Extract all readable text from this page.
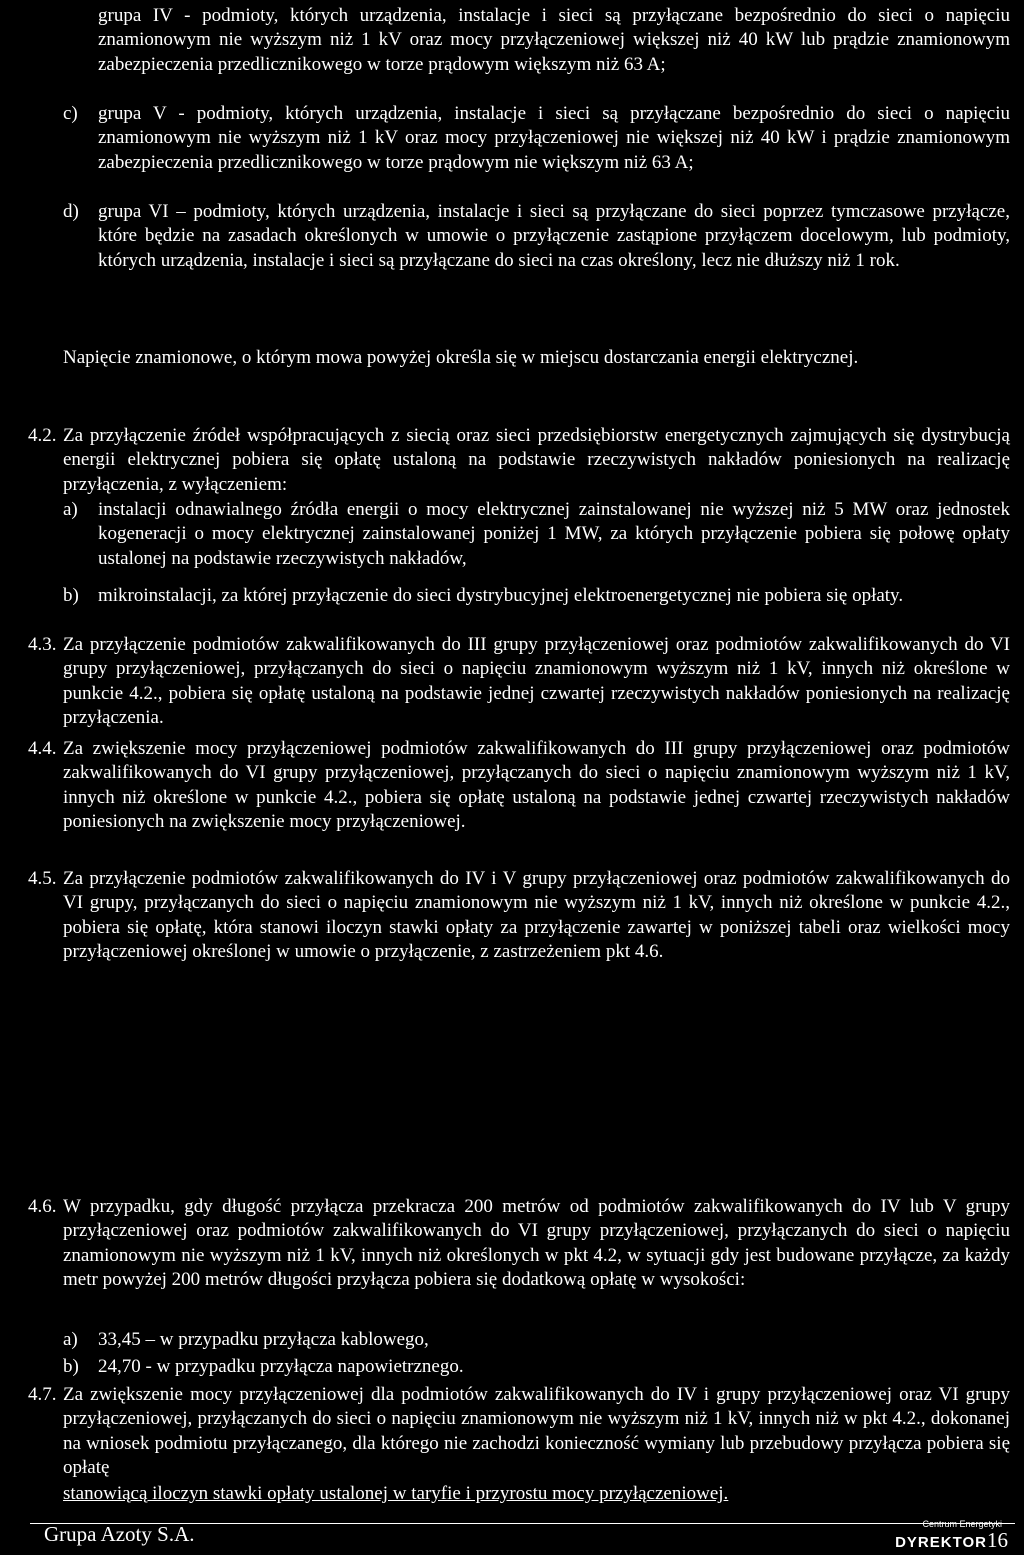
grupa IV - podmioty, których urządzenia, instalacje i sieci są przyłączane bezpośrednio do sieci o napięciu znamionowym nie wyższym niż 1 kV oraz mocy przyłączeniowej większej niż 40 kW lub prądzie znamionowym zabezpieczenia przedlicznikowego w torze prądowym większym niż 63 A;

c) grupa V - podmioty, których urządzenia, instalacje i sieci są przyłączane bezpośrednio do sieci o napięciu znamionowym nie wyższym niż 1 kV oraz mocy przyłączeniowej nie większej niż 40 kW i prądzie znamionowym zabezpieczenia przedlicznikowego w torze prądowym nie większym niż 63 A;

d) grupa VI – podmioty, których urządzenia, instalacje i sieci są przyłączane do sieci poprzez tymczasowe przyłącze, które będzie na zasadach określonych w umowie o przyłączenie zastąpione przyłączem docelowym, lub podmioty, których urządzenia, instalacje i sieci są przyłączane do sieci na czas określony, lecz nie dłuższy niż 1 rok.

Napięcie znamionowe, o którym mowa powyżej określa się w miejscu dostarczania energii elektrycznej.

4.2. Za przyłączenie źródeł współpracujących z siecią oraz sieci przedsiębiorstw energetycznych zajmujących się dystrybucją energii elektrycznej pobiera się opłatę ustaloną na podstawie rzeczywistych nakładów poniesionych na realizację przyłączenia, z wyłączeniem:

a) instalacji odnawialnego źródła energii o mocy elektrycznej zainstalowanej nie wyższej niż 5 MW oraz jednostek kogeneracji o mocy elektrycznej zainstalowanej poniżej 1 MW, za których przyłączenie pobiera się połowę opłaty ustalonej na podstawie rzeczywistych nakładów,

b) mikroinstalacji, za której przyłączenie do sieci dystrybucyjnej elektroenergetycznej nie pobiera się opłaty.

4.3. Za przyłączenie podmiotów zakwalifikowanych do III grupy przyłączeniowej oraz podmiotów zakwalifikowanych do VI grupy przyłączeniowej, przyłączanych do sieci o napięciu znamionowym wyższym niż 1 kV, innych niż określone w punkcie 4.2., pobiera się opłatę ustaloną na podstawie jednej czwartej rzeczywistych nakładów poniesionych na realizację przyłączenia.

4.4. Za zwiększenie mocy przyłączeniowej podmiotów zakwalifikowanych do III grupy przyłączeniowej oraz podmiotów zakwalifikowanych do VI grupy przyłączeniowej, przyłączanych do sieci o napięciu znamionowym wyższym niż 1 kV, innych niż określone w punkcie 4.2., pobiera się opłatę ustaloną na podstawie jednej czwartej rzeczywistych nakładów poniesionych na zwiększenie mocy przyłączeniowej.

4.5. Za przyłączenie podmiotów zakwalifikowanych do IV i V grupy przyłączeniowej oraz podmiotów zakwalifikowanych do VI grupy, przyłączanych do sieci o napięciu znamionowym nie wyższym niż 1 kV, innych niż określone w punkcie 4.2., pobiera się opłatę, która stanowi iloczyn stawki opłaty za przyłączenie zawartej w poniższej tabeli oraz wielkości mocy przyłączeniowej określonej w umowie o przyłączenie, z zastrzeżeniem pkt 4.6.

4.6. W przypadku, gdy długość przyłącza przekracza 200 metrów od podmiotów zakwalifikowanych do IV lub V grupy przyłączeniowej oraz podmiotów zakwalifikowanych do VI grupy przyłączeniowej, przyłączanych do sieci o napięciu znamionowym nie wyższym niż 1 kV, innych niż określonych w pkt 4.2, w sytuacji gdy jest budowane przyłącze, za każdy metr powyżej 200 metrów długości przyłącza pobiera się dodatkową opłatę w wysokości:

a) 33,45 – w przypadku przyłącza kablowego,

b) 24,70 - w przypadku przyłącza napowietrznego.

4.7. Za zwiększenie mocy przyłączeniowej dla podmiotów zakwalifikowanych do IV i grupy przyłączeniowej oraz VI grupy przyłączeniowej, przyłączanych do sieci o napięciu znamionowym nie wyższym niż 1 kV, innych niż w pkt 4.2., dokonanej na wniosek podmiotu przyłączanego, dla którego nie zachodzi konieczność wymiany lub przebudowy przyłącza pobiera się opłatę

stanowiącą iloczyn stawki opłaty ustalonej w taryfie i przyrostu mocy przyłączeniowej.

Grupa Azoty S.A.	Centrum Energetyki
DYREKTOR16
